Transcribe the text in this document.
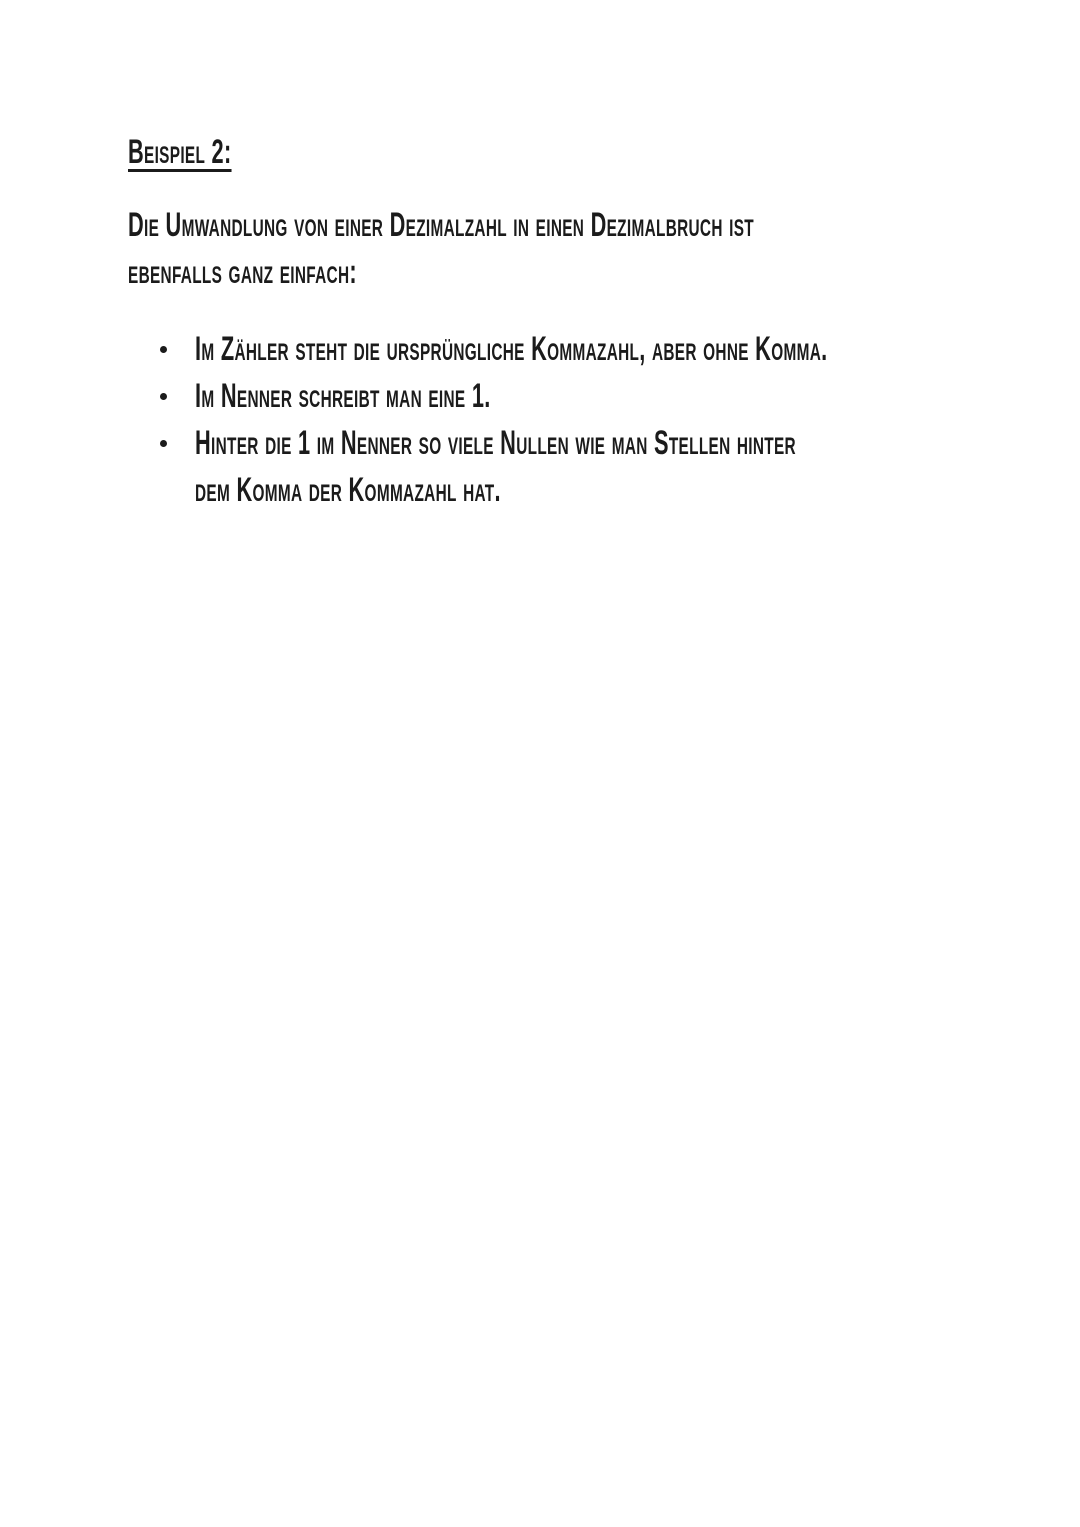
Beispiel 2:
Die Umwandlung von einer Dezimalzahl in einen Dezimalbruch ist
ebenfalls ganz einfach:
Im Zähler steht die ursprüngliche Kommazahl, aber ohne Komma.
Im Nenner schreibt man eine 1.
Hinter die 1 im Nenner so viele Nullen wie man Stellen hinter
dem Komma der Kommazahl hat.
